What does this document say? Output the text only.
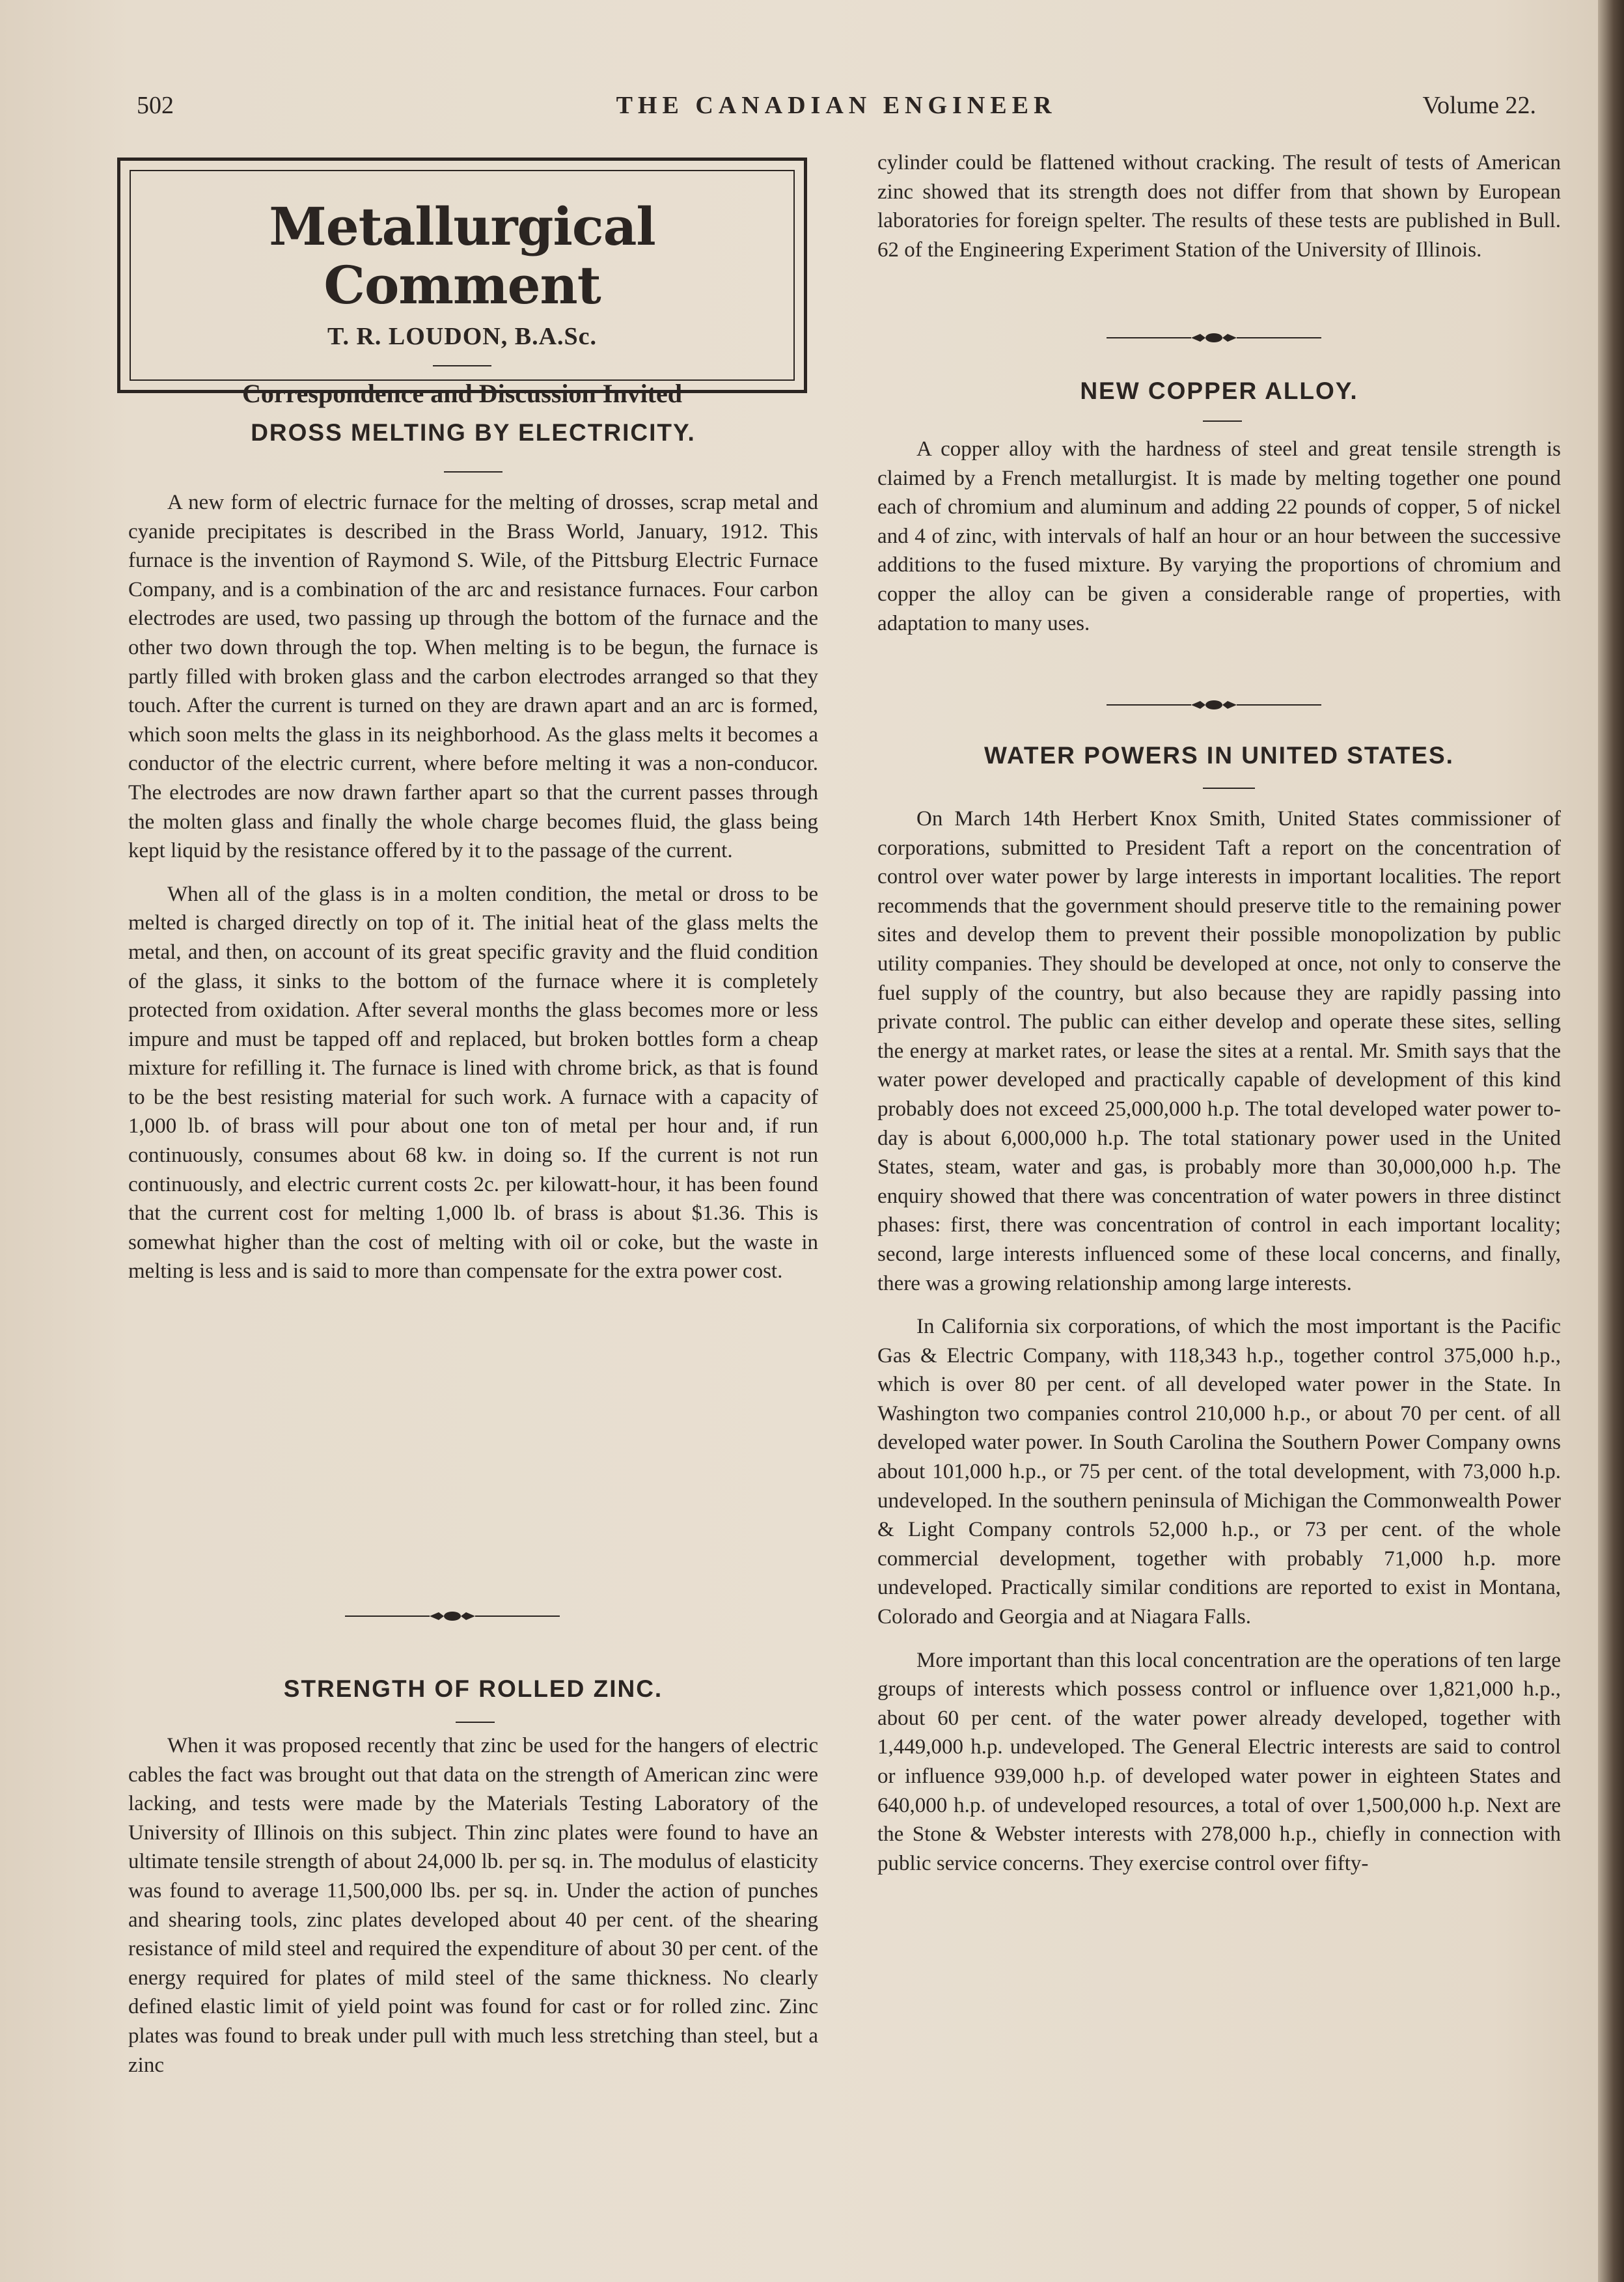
502	THE CANADIAN ENGINEER	Volume 22.
Metallurgical Comment
T. R. LOUDON, B.A.Sc.
Correspondence and Discussion Invited
DROSS MELTING BY ELECTRICITY.

A new form of electric furnace for the melting of drosses, scrap metal and cyanide precipitates is described in the Brass World, January, 1912. This furnace is the invention of Raymond S. Wile, of the Pittsburg Electric Furnace Company, and is a combination of the arc and resistance furnaces. Four carbon electrodes are used, two passing up through the bottom of the furnace and the other two down through the top. When melting is to be begun, the furnace is partly filled with broken glass and the carbon electrodes arranged so that they touch. After the current is turned on they are drawn apart and an arc is formed, which soon melts the glass in its neighborhood. As the glass melts it becomes a conductor of the electric current, where before melting it was a non-conducor. The electrodes are now drawn farther apart so that the current passes through the molten glass and finally the whole charge becomes fluid, the glass being kept liquid by the resistance offered by it to the passage of the current.

When all of the glass is in a molten condition, the metal or dross to be melted is charged directly on top of it. The initial heat of the glass melts the metal, and then, on account of its great specific gravity and the fluid condition of the glass, it sinks to the bottom of the furnace where it is completely protected from oxidation. After several months the glass becomes more or less impure and must be tapped off and replaced, but broken bottles form a cheap mixture for refilling it. The furnace is lined with chrome brick, as that is found to be the best resisting material for such work. A furnace with a capacity of 1,000 lb. of brass will pour about one ton of metal per hour and, if run continuously, consumes about 68 kw. in doing so. If the current is not run continuously, and electric current costs 2c. per kilowatt-hour, it has been found that the current cost for melting 1,000 lb. of brass is about $1.36. This is somewhat higher than the cost of melting with oil or coke, but the waste in melting is less and is said to more than compensate for the extra power cost.

STRENGTH OF ROLLED ZINC.

When it was proposed recently that zinc be used for the hangers of electric cables the fact was brought out that data on the strength of American zinc were lacking, and tests were made by the Materials Testing Laboratory of the University of Illinois on this subject. Thin zinc plates were found to have an ultimate tensile strength of about 24,000 lb. per sq. in. The modulus of elasticity was found to average 11,500,000 lbs. per sq. in. Under the action of punches and shearing tools, zinc plates developed about 40 per cent. of the shearing resistance of mild steel and required the expenditure of about 30 per cent. of the energy required for plates of mild steel of the same thickness. No clearly defined elastic limit of yield point was found for cast or for rolled zinc. Zinc plates was found to break under pull with much less stretching than steel, but a zinc

cylinder could be flattened without cracking. The result of tests of American zinc showed that its strength does not differ from that shown by European laboratories for foreign spelter. The results of these tests are published in Bull. 62 of the Engineering Experiment Station of the University of Illinois.

NEW COPPER ALLOY.

A copper alloy with the hardness of steel and great tensile strength is claimed by a French metallurgist. It is made by melting together one pound each of chromium and aluminum and adding 22 pounds of copper, 5 of nickel and 4 of zinc, with intervals of half an hour or an hour between the successive additions to the fused mixture. By varying the proportions of chromium and copper the alloy can be given a considerable range of properties, with adaptation to many uses.

WATER POWERS IN UNITED STATES.

On March 14th Herbert Knox Smith, United States commissioner of corporations, submitted to President Taft a report on the concentration of control over water power by large interests in important localities. The report recommends that the government should preserve title to the remaining power sites and develop them to prevent their possible monopolization by public utility companies. They should be developed at once, not only to conserve the fuel supply of the country, but also because they are rapidly passing into private control. The public can either develop and operate these sites, selling the energy at market rates, or lease the sites at a rental. Mr. Smith says that the water power developed and practically capable of development of this kind probably does not exceed 25,000,000 h.p. The total developed water power to-day is about 6,000,000 h.p. The total stationary power used in the United States, steam, water and gas, is probably more than 30,000,000 h.p. The enquiry showed that there was concentration of water powers in three distinct phases: first, there was concentration of control in each important locality; second, large interests influenced some of these local concerns, and finally, there was a growing relationship among large interests.

In California six corporations, of which the most important is the Pacific Gas & Electric Company, with 118,343 h.p., together control 375,000 h.p., which is over 80 per cent. of all developed water power in the State. In Washington two companies control 210,000 h.p., or about 70 per cent. of all developed water power. In South Carolina the Southern Power Company owns about 101,000 h.p., or 75 per cent. of the total development, with 73,000 h.p. undeveloped. In the southern peninsula of Michigan the Commonwealth Power & Light Company controls 52,000 h.p., or 73 per cent. of the whole commercial development, together with probably 71,000 h.p. more undeveloped. Practically similar conditions are reported to exist in Montana, Colorado and Georgia and at Niagara Falls.

More important than this local concentration are the operations of ten large groups of interests which possess control or influence over 1,821,000 h.p., about 60 per cent. of the water power already developed, together with 1,449,000 h.p. undeveloped. The General Electric interests are said to control or influence 939,000 h.p. of developed water power in eighteen States and 640,000 h.p. of undeveloped resources, a total of over 1,500,000 h.p. Next are the Stone & Webster interests with 278,000 h.p., chiefly in connection with public service concerns. They exercise control over fifty-
